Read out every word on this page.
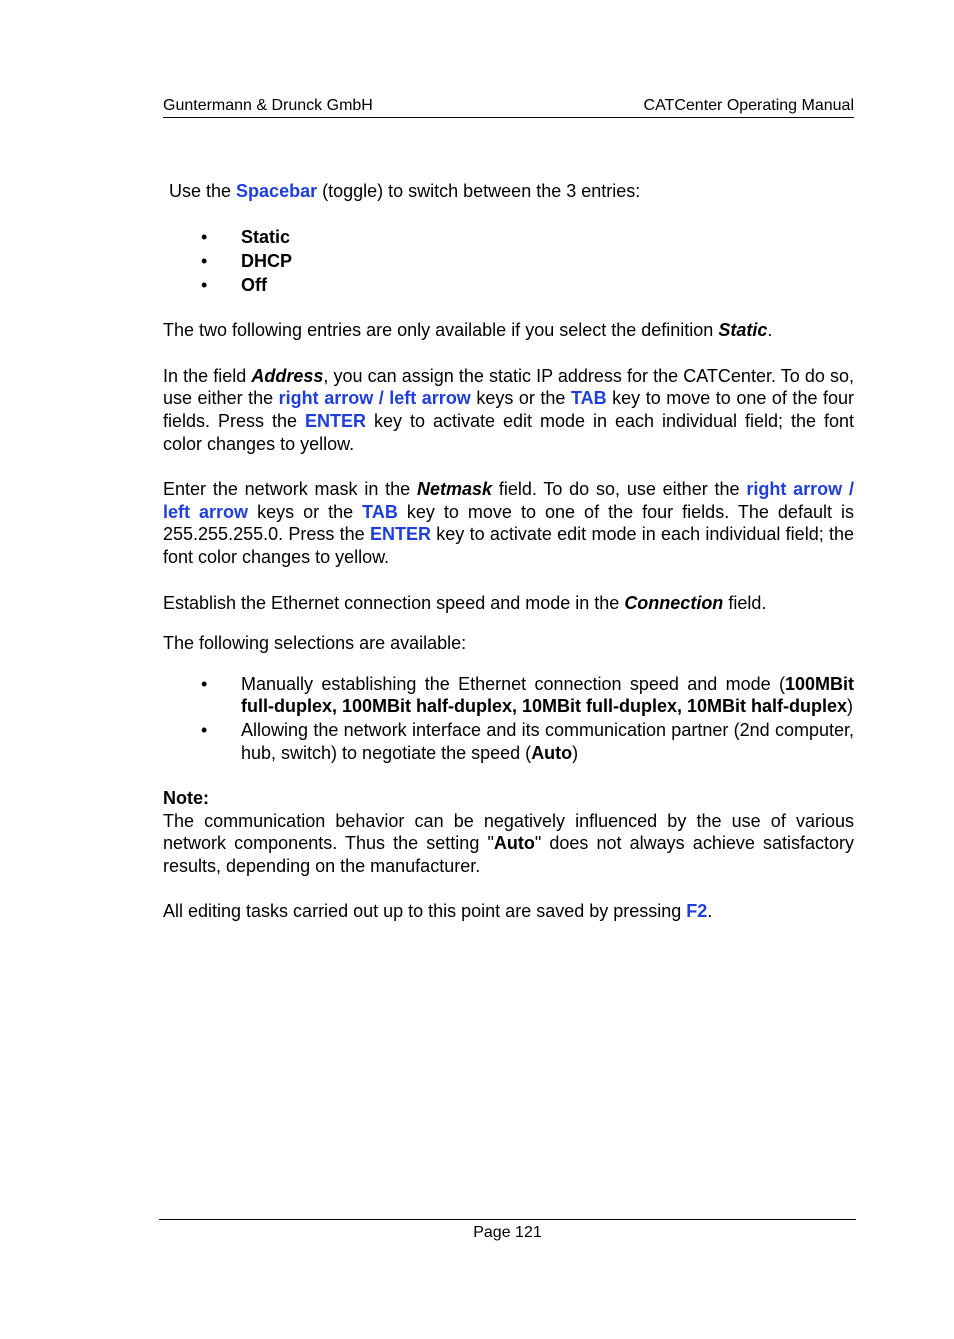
Guntermann & Drunck GmbH	CATCenter Operating Manual

Use the Spacebar (toggle) to switch between the 3 entries:

• Static
• DHCP
• Off

The two following entries are only available if you select the definition Static.

In the field Address, you can assign the static IP address for the CATCenter. To do so, use either the right arrow / left arrow keys or the TAB key to move to one of the four fields. Press the ENTER key to activate edit mode in each individual field; the font color changes to yellow.

Enter the network mask in the Netmask field. To do so, use either the right arrow / left arrow keys or the TAB key to move to one of the four fields. The default is 255.255.255.0. Press the ENTER key to activate edit mode in each individual field; the font color changes to yellow.

Establish the Ethernet connection speed and mode in the Connection field.

The following selections are available:

• Manually establishing the Ethernet connection speed and mode (100MBit full-duplex, 100MBit half-duplex, 10MBit full-duplex, 10MBit half-duplex)
• Allowing the network interface and its communication partner (2nd computer, hub, switch) to negotiate the speed (Auto)

Note:

The communication behavior can be negatively influenced by the use of various network components. Thus the setting "Auto" does not always achieve satisfactory results, depending on the manufacturer.

All editing tasks carried out up to this point are saved by pressing F2.

Page 121
